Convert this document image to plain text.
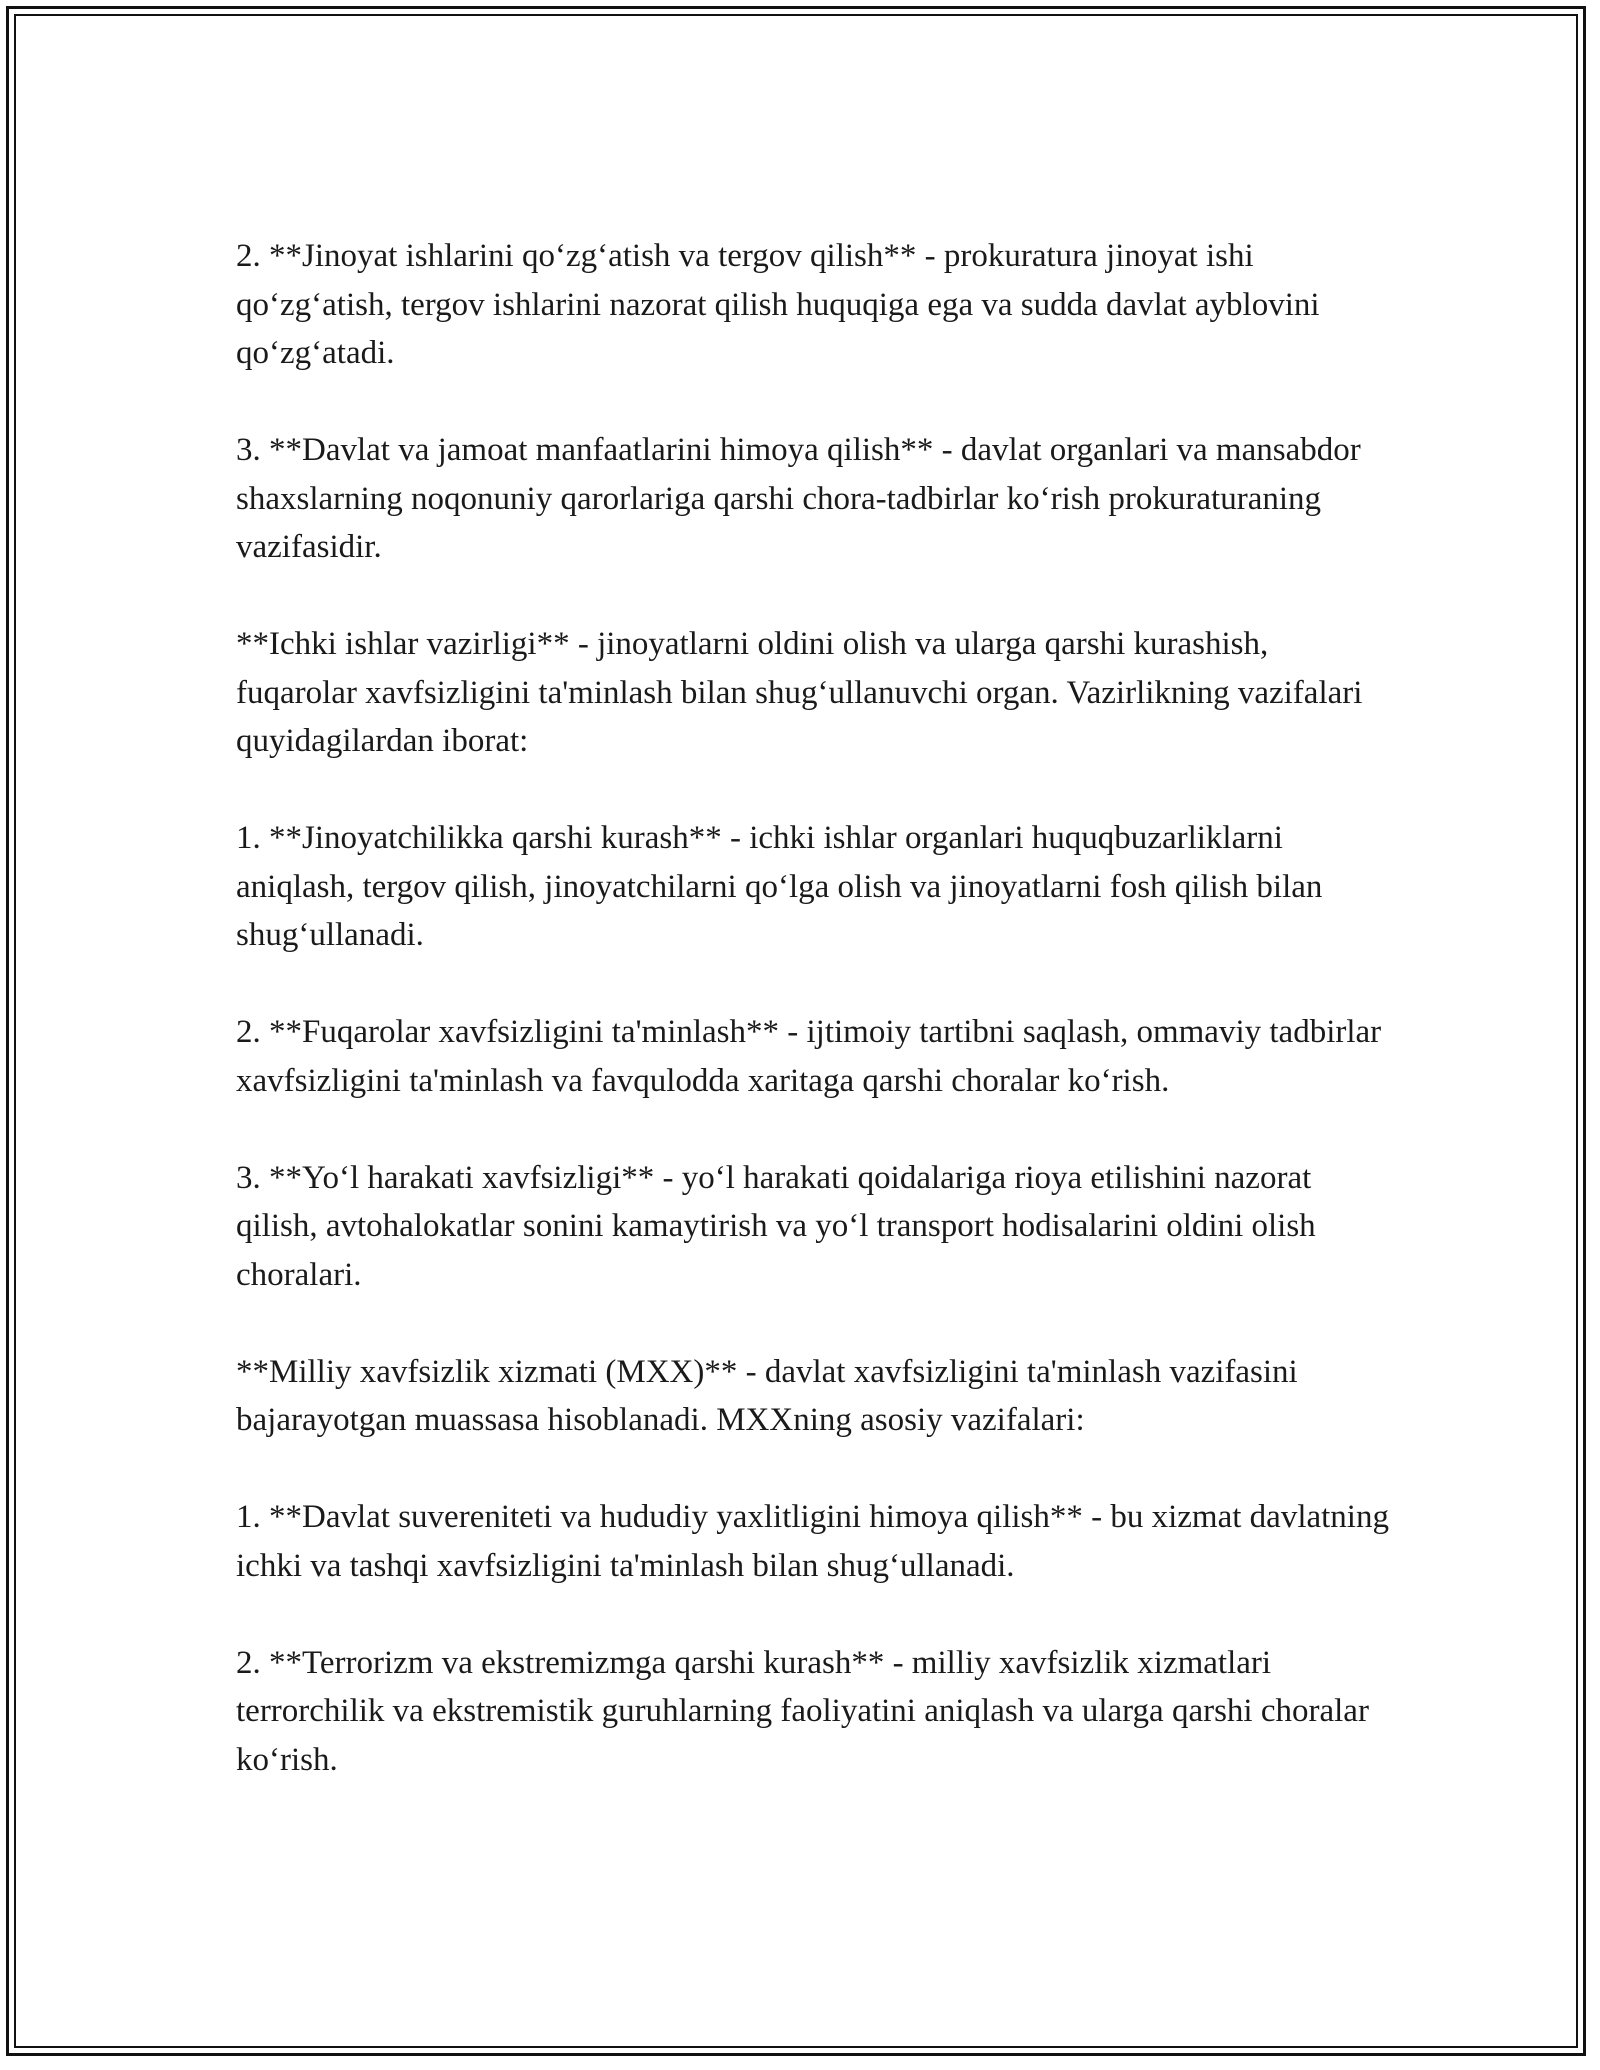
2. **Jinoyat ishlarini qo‘zg‘atish va tergov qilish** - prokuratura jinoyat ishi qo‘zg‘atish, tergov ishlarini nazorat qilish huquqiga ega va sudda davlat ayblovini qo‘zg‘atadi.

3. **Davlat va jamoat manfaatlarini himoya qilish** - davlat organlari va mansabdor shaxslarning noqonuniy qarorlariga qarshi chora-tadbirlar ko‘rish prokuraturaning vazifasidir.

**Ichki ishlar vazirligi** - jinoyatlarni oldini olish va ularga qarshi kurashish, fuqarolar xavfsizligini ta'minlash bilan shug‘ullanuvchi organ. Vazirlikning vazifalari quyidagilardan iborat:

1. **Jinoyatchilikka qarshi kurash** - ichki ishlar organlari huquqbuzarliklarni aniqlash, tergov qilish, jinoyatchilarni qo‘lga olish va jinoyatlarni fosh qilish bilan shug‘ullanadi.

2. **Fuqarolar xavfsizligini ta'minlash** - ijtimoiy tartibni saqlash, ommaviy tadbirlar xavfsizligini ta'minlash va favqulodda xaritaga qarshi choralar ko‘rish.

3. **Yo‘l harakati xavfsizligi** - yo‘l harakati qoidalariga rioya etilishini nazorat qilish, avtohalokatlar sonini kamaytirish va yo‘l transport hodisalarini oldini olish choralari.

**Milliy xavfsizlik xizmati (MXX)** - davlat xavfsizligini ta'minlash vazifasini bajarayotgan muassasa hisoblanadi. MXXning asosiy vazifalari:

1. **Davlat suvereniteti va hududiy yaxlitligini himoya qilish** - bu xizmat davlatning ichki va tashqi xavfsizligini ta'minlash bilan shug‘ullanadi.

2. **Terrorizm va ekstremizmga qarshi kurash** - milliy xavfsizlik xizmatlari terrorchilik va ekstremistik guruhlarning faoliyatini aniqlash va ularga qarshi choralar ko‘rish.
